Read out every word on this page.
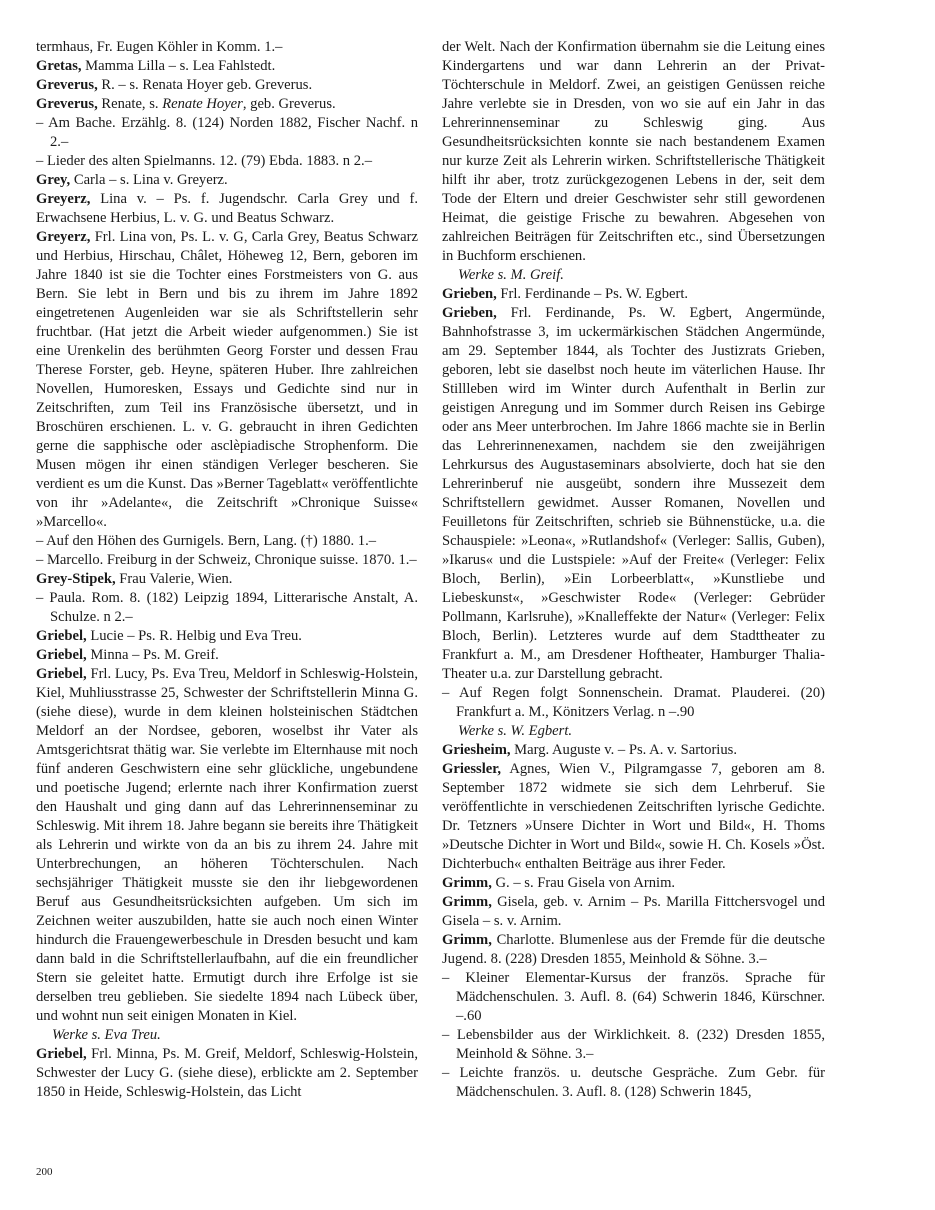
termhaus, Fr. Eugen Köhler in Komm. 1.–

Gretas, Mamma Lilla – s. Lea Fahlstedt.

Greverus, R. – s. Renata Hoyer geb. Greverus.

Greverus, Renate, s. Renate Hoyer, geb. Greverus.

– Am Bache. Erzählg. 8. (124) Norden 1882, Fischer Nachf. n 2.–

– Lieder des alten Spielmanns. 12. (79) Ebda. 1883. n 2.–

Grey, Carla – s. Lina v. Greyerz.

Greyerz, Lina v. – Ps. f. Jugendschr. Carla Grey und f. Erwachsene Herbius, L. v. G. und Beatus Schwarz.

Greyerz, Frl. Lina von, Ps. L. v. G, Carla Grey, Beatus Schwarz und Herbius, Hirschau, Châlet, Höheweg 12, Bern, geboren im Jahre 1840 ist sie die Tochter eines Forstmeisters von G. aus Bern. Sie lebt in Bern und bis zu ihrem im Jahre 1892 eingetretenen Augenleiden war sie als Schriftstellerin sehr fruchtbar. (Hat jetzt die Arbeit wieder aufgenommen.) Sie ist eine Urenkelin des berühmten Georg Forster und dessen Frau Therese Forster, geb. Heyne, späteren Huber. Ihre zahlreichen Novellen, Humoresken, Essays und Gedichte sind nur in Zeitschriften, zum Teil ins Französische übersetzt, und in Broschüren erschienen. L. v. G. gebraucht in ihren Gedichten gerne die sapphische oder asclèpiadische Strophenform. Die Musen mögen ihr einen ständigen Verleger bescheren. Sie verdient es um die Kunst. Das »Berner Tageblatt« veröffentlichte von ihr »Adelante«, die Zeitschrift »Chronique Suisse« »Marcello«.

– Auf den Höhen des Gurnigels. Bern, Lang. (†) 1880. 1.–

– Marcello. Freiburg in der Schweiz, Chronique suisse. 1870. 1.–

Grey-Stipek, Frau Valerie, Wien.

– Paula. Rom. 8. (182) Leipzig 1894, Litterarische Anstalt, A. Schulze. n 2.–

Griebel, Lucie – Ps. R. Helbig und Eva Treu.

Griebel, Minna – Ps. M. Greif.

Griebel, Frl. Lucy, Ps. Eva Treu, Meldorf in Schleswig-Holstein, Kiel, Muhliusstrasse 25, Schwester der Schriftstellerin Minna G. (siehe diese), wurde in dem kleinen holsteinischen Städtchen Meldorf an der Nordsee, geboren, woselbst ihr Vater als Amtsgerichtsrat thätig war. Sie verlebte im Elternhause mit noch fünf anderen Geschwistern eine sehr glückliche, ungebundene und poetische Jugend; erlernte nach ihrer Konfirmation zuerst den Haushalt und ging dann auf das Lehrerinnenseminar zu Schleswig. Mit ihrem 18. Jahre begann sie bereits ihre Thätigkeit als Lehrerin und wirkte von da an bis zu ihrem 24. Jahre mit Unterbrechungen, an höheren Töchterschulen. Nach sechsjähriger Thätigkeit musste sie den ihr liebgewordenen Beruf aus Gesundheitsrücksichten aufgeben. Um sich im Zeichnen weiter auszubilden, hatte sie auch noch einen Winter hindurch die Frauengewerbeschule in Dresden besucht und kam dann bald in die Schriftstellerlaufbahn, auf die ein freundlicher Stern sie geleitet hatte. Ermutigt durch ihre Erfolge ist sie derselben treu geblieben. Sie siedelte 1894 nach Lübeck über, und wohnt nun seit einigen Monaten in Kiel.

Werke s. Eva Treu.

Griebel, Frl. Minna, Ps. M. Greif, Meldorf, Schleswig-Holstein, Schwester der Lucy G. (siehe diese), erblickte am 2. September 1850 in Heide, Schleswig-Holstein, das Licht

der Welt. Nach der Konfirmation übernahm sie die Leitung eines Kindergartens und war dann Lehrerin an der Privat-Töchterschule in Meldorf. Zwei, an geistigen Genüssen reiche Jahre verlebte sie in Dresden, von wo sie auf ein Jahr in das Lehrerinnenseminar zu Schleswig ging. Aus Gesundheitsrücksichten konnte sie nach bestandenem Examen nur kurze Zeit als Lehrerin wirken. Schriftstellerische Thätigkeit hilft ihr aber, trotz zurückgezogenen Lebens in der, seit dem Tode der Eltern und dreier Geschwister sehr still gewordenen Heimat, die geistige Frische zu bewahren. Abgesehen von zahlreichen Beiträgen für Zeitschriften etc., sind Übersetzungen in Buchform erschienen.

Werke s. M. Greif.

Grieben, Frl. Ferdinande – Ps. W. Egbert.

Grieben, Frl. Ferdinande, Ps. W. Egbert, Angermünde, Bahnhofstrasse 3, im uckermärkischen Städchen Angermünde, am 29. September 1844, als Tochter des Justizrats Grieben, geboren, lebt sie daselbst noch heute im väterlichen Hause. Ihr Stillleben wird im Winter durch Aufenthalt in Berlin zur geistigen Anregung und im Sommer durch Reisen ins Gebirge oder ans Meer unterbrochen. Im Jahre 1866 machte sie in Berlin das Lehrerinnenexamen, nachdem sie den zweijährigen Lehrkursus des Augustaseminars absolvierte, doch hat sie den Lehrerinberuf nie ausgeübt, sondern ihre Mussezeit dem Schriftstellern gewidmet. Ausser Romanen, Novellen und Feuilletons für Zeitschriften, schrieb sie Bühnenstücke, u.a. die Schauspiele: »Leona«, »Rutlandshof« (Verleger: Sallis, Guben), »Ikarus« und die Lustspiele: »Auf der Freite« (Verleger: Felix Bloch, Berlin), »Ein Lorbeerblatt«, »Kunstliebe und Liebeskunst«, »Geschwister Rode« (Verleger: Gebrüder Pollmann, Karlsruhe), »Knalleffekte der Natur« (Verleger: Felix Bloch, Berlin). Letzteres wurde auf dem Stadttheater zu Frankfurt a. M., am Dresdener Hoftheater, Hamburger Thalia-Theater u.a. zur Darstellung gebracht.

– Auf Regen folgt Sonnenschein. Dramat. Plauderei. (20) Frankfurt a. M., Könitzers Verlag. n –.90

Werke s. W. Egbert.

Griesheim, Marg. Auguste v. – Ps. A. v. Sartorius.

Griessler, Agnes, Wien V., Pilgramgasse 7, geboren am 8. September 1872 widmete sie sich dem Lehrberuf. Sie veröffentlichte in verschiedenen Zeitschriften lyrische Gedichte. Dr. Tetzners »Unsere Dichter in Wort und Bild«, H. Thoms »Deutsche Dichter in Wort und Bild«, sowie H. Ch. Kosels »Öst. Dichterbuch« enthalten Beiträge aus ihrer Feder.

Grimm, G. – s. Frau Gisela von Arnim.

Grimm, Gisela, geb. v. Arnim – Ps. Marilla Fittchersvogel und Gisela – s. v. Arnim.

Grimm, Charlotte. Blumenlese aus der Fremde für die deutsche Jugend. 8. (228) Dresden 1855, Meinhold & Söhne. 3.–

– Kleiner Elementar-Kursus der französ. Sprache für Mädchenschulen. 3. Aufl. 8. (64) Schwerin 1846, Kürschner. –.60

– Lebensbilder aus der Wirklichkeit. 8. (232) Dresden 1855, Meinhold & Söhne. 3.–

– Leichte französ. u. deutsche Gespräche. Zum Gebr. für Mädchenschulen. 3. Aufl. 8. (128) Schwerin 1845,

200
